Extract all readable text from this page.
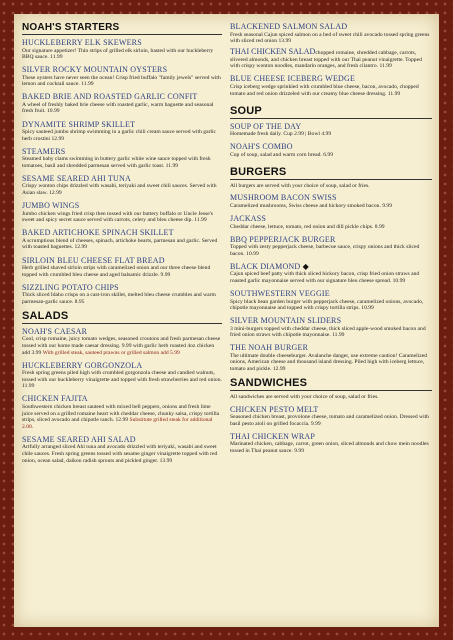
NOAH'S STARTERS
HUCKLEBERRY ELK SKEWERS
Our signature appetizer! Thin strips of grilled elk sirloin, basted with our huckleberry BBQ sauce. 11.99
SILVER ROCKY MOUNTAIN OYSTERS
These oysters have never seen the ocean! Crisp fried buffalo "family jewels" served with lemon and cocktail sauce. 11.99
BAKED BRIE AND ROASTED GARLIC CONFIT
A wheel of freshly baked brie cheese with roasted garlic, warm baguette and seasonal fresh fruit. 10.99
DYNAMITE SHRIMP SKILLET
Spicy sauteed jumbo shrimp swimming in a garlic chili cream sauce served with garlic herb crostini 12.99
STEAMERS
Steamed baby clams swimming in buttery garlic white wine sauce topped with fresh tomatoes, basil and shredded parmesan served with garlic toast. 11.99
SESAME SEARED AHI TUNA
Crispy wonton chips drizzled with wasabi, teriyaki and sweet chili sauces. Served with Asian slaw. 12.99
JUMBO WINGS
Jumbo chicken wings fried crisp then tossed with our buttery buffalo or Uncle Jesse's sweet and spicy secret sauce served with carrots, celery and bleu cheese dip. 11.99
BAKED ARTICHOKE SPINACH SKILLET
A scrumptious blend of cheeses, spinach, artichoke hearts, parmesan and garlic. Served with toasted baguettes. 12.99
SIRLOIN BLEU CHEESE FLAT BREAD
Herb grilled shaved sirloin strips with caramelized onion and our three cheese blend topped with crumbled bleu cheese and aged balsamic drizzle. 9.99
SIZZLING POTATO CHIPS
Thick sliced Idaho crisps on a cast-iron skillet, melted bleu cheese crumbles and warm parmesan-garlic sauce. 8.95
SALADS
NOAH'S CAESAR
Cool, crisp romaine, juicy tomato wedges, seasoned croutons and fresh parmesan cheese tossed with our home made caesar dressing. 9.99 with garlic herb roasted 4oz chicken add 3.99 With grilled steak, sauteed prawns or grilled salmon add 5.99
HUCKLEBERRY GORGONZOLA
Fresh spring greens piled high with crumbled gorgonzola cheese and candied walnuts, tossed with our huckleberry vinaigrette and topped with fresh strawberries and red onion. 11.99
CHICKEN FAJITA
Southwestern chicken breast sauteed with mixed bell peppers, onions and fresh lime juice served on a grilled romaine heart with cheddar cheese, chunky salsa, crispy tortilla strips, sliced avocado and chipotle ranch. 12.99 Substitute grilled steak for additional 2.00.
SESAME SEARED AHI SALAD
Artfully arranged sliced Ahi tuna and avocado drizzled with teriyaki, wasabi and sweet chile sauces. Fresh spring greens tossed with sesame ginger vinaigrette topped with red onion, ocean salad, daikon radish sprouts and pickled ginger. 13.99
BLACKENED SALMON SALAD
Fresh seasonal Cajun spiced salmon on a bed of sweet chili avocado tossed spring greens with sliced red onion 13.99
THAI CHICKEN SALADchopped romaine, shredded cabbage, carrots, slivered almonds, and chicken breast topped with our Thai peanut vinaigrette. Topped with crispy wonton noodles, mandarin oranges, and fresh cilantro. 11.99
BLUE CHEESE ICEBERG WEDGE
Crisp iceberg wedge sprinkled with crumbled blue cheese, bacon, avocado, chopped tomato and red onion drizzeled with our creamy blue cheese dressing. 11.99
SOUP
SOUP OF THE DAY
Homemade fresh daily. Cup 2.99 | Bowl 4.99
NOAH'S COMBO
Cup of soup, salad and warm corn bread. 6.99
BURGERS
All burgers are served with your choice of soup, salad or fries.
MUSHROOM BACON SWISS
Caramelized mushrooms, Swiss cheese and hickory smoked bacon. 9.99
JACKASS
Cheddar cheese, lettuce, tomato, red onion and dill pickle chips. 8.99
BBQ PEPPERJACK BURGER
Topped with zesty pepperjack cheese, barbecue sauce, crispy onions and thick sliced bacon. 10.99
BLACK DIAMOND ◆
Cajun spiced beef patty with thick sliced hickory bacon, crisp fried onion straws and roasted garlic mayonnaise served with our signature bleu cheese spread. 10.99
SOUTHWESTERN VEGGIE
Spicy black bean garden burger with pepperjack cheese, caramelized onions, avocado, chipotle mayonnaise and topped with crispy tortilla strips. 10.99
SILVER MOUNTAIN SLIDERS
3 mini-burgers topped with cheddar cheese, thick sliced apple-wood smoked bacon and fried onion straws with chipotle mayonnaise. 11.99
THE NOAH BURGER
The ultimate double cheeseburger. Avalanche danger, use extreme caution! Caramelized onions, American cheese and thousand island dressing. Piled high with iceberg lettuce, tomato and pickle. 12.99
SANDWICHES
All sandwiches are served with your choice of soup, salad or fries.
CHICKEN PESTO MELT
Seasoned chicken breast, provolone cheese, tomato and caramelized onion. Dressed with basil pesto aioli on grilled focaccia. 9.99
THAI CHICKEN WRAP
Marinated chicken, cabbage, carrot, green onion, sliced almonds and chow mein noodles tossed in Thai peanut sauce. 9.99
